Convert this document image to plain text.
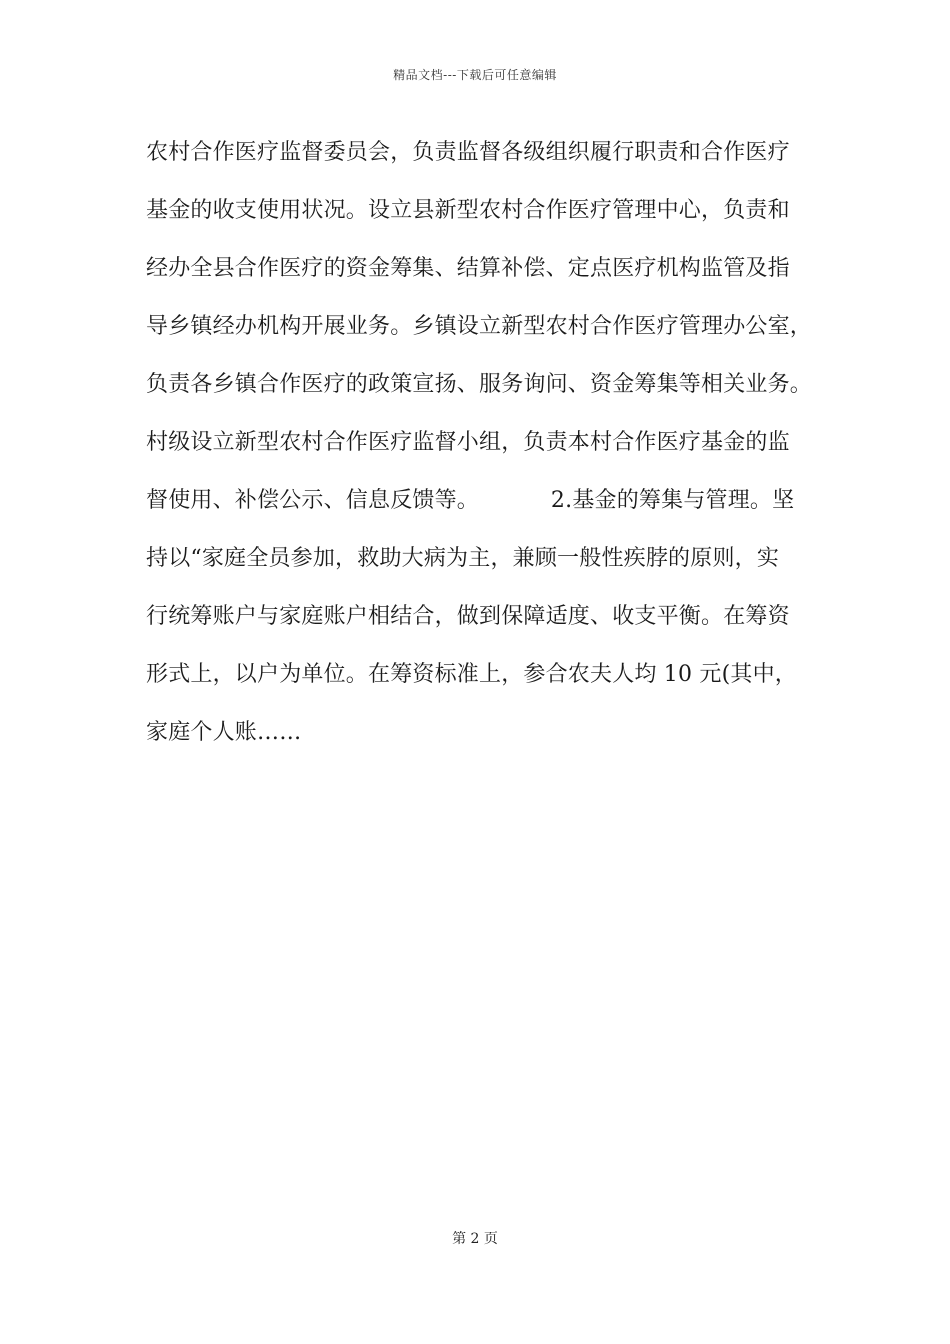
精品文档---下载后可任意编辑
农村合作医疗监督委员会，负责监督各级组织履行职责和合作医疗
基金的收支使用状况。设立县新型农村合作医疗管理中心，负责和
经办全县合作医疗的资金筹集、结算补偿、定点医疗机构监管及指
导乡镇经办机构开展业务。乡镇设立新型农村合作医疗管理办公室，
负责各乡镇合作医疗的政策宣扬、服务询问、资金筹集等相关业务。
村级设立新型农村合作医疗监督小组，负责本村合作医疗基金的监
督使用、补偿公示、信息反馈等。          2.基金的筹集与管理。坚
持以“家庭全员参加，救助大病为主，兼顾一般性疾脖的原则，实
行统筹账户与家庭账户相结合，做到保障适度、收支平衡。在筹资
形式上，以户为单位。在筹资标准上，参合农夫人均 10 元(其中，
家庭个人账……
第 2 页
